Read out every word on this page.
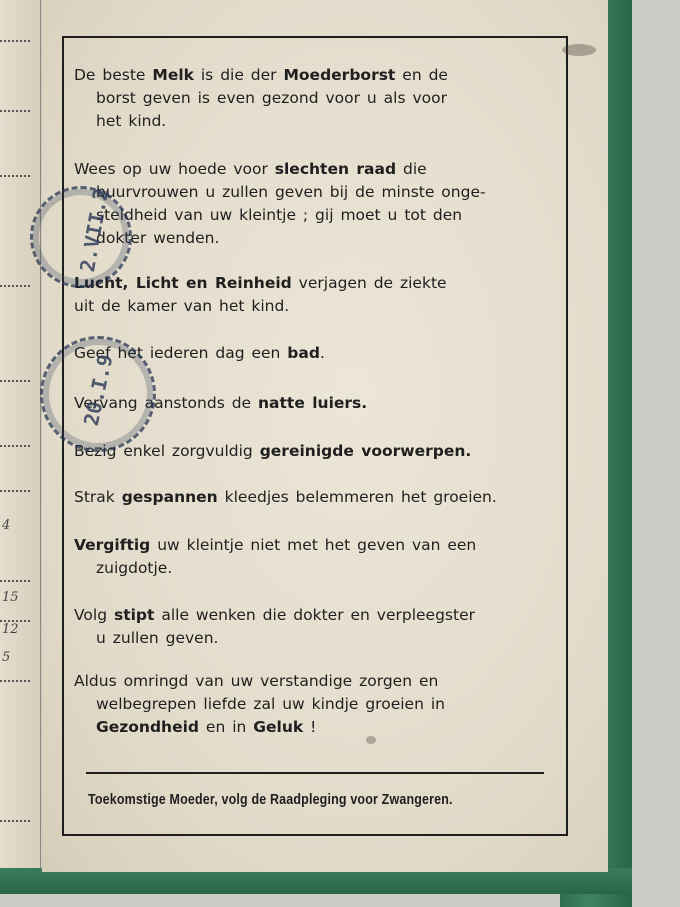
4
15
12
5
De beste Melk is die der Moederborst en de
borst geven is even gezond voor u als voor
het kind.
Wees op uw hoede voor slechten raad die
buurvrouwen u zullen geven bij de minste onge-
steldheid van uw kleintje ; gij moet u tot den
dokter wenden.
Lucht, Licht en Reinheid verjagen de ziekte
uit de kamer van het kind.
Geef het iederen dag een bad.
Vervang aanstonds de natte luiers.
Bezig enkel zorgvuldig gereinigde voorwerpen.
Strak gespannen kleedjes belemmeren het groeien.
Vergiftig uw kleintje niet met het geven van een
zuigdotje.
Volg stipt alle wenken die dokter en verpleegster
u zullen geven.
Aldus omringd van uw verstandige zorgen en
welbegrepen liefde zal uw kindje groeien in
Gezondheid en in Geluk !
Toekomstige Moeder, volg de Raadpleging voor Zwangeren.
2.VII.2
20.I.9
